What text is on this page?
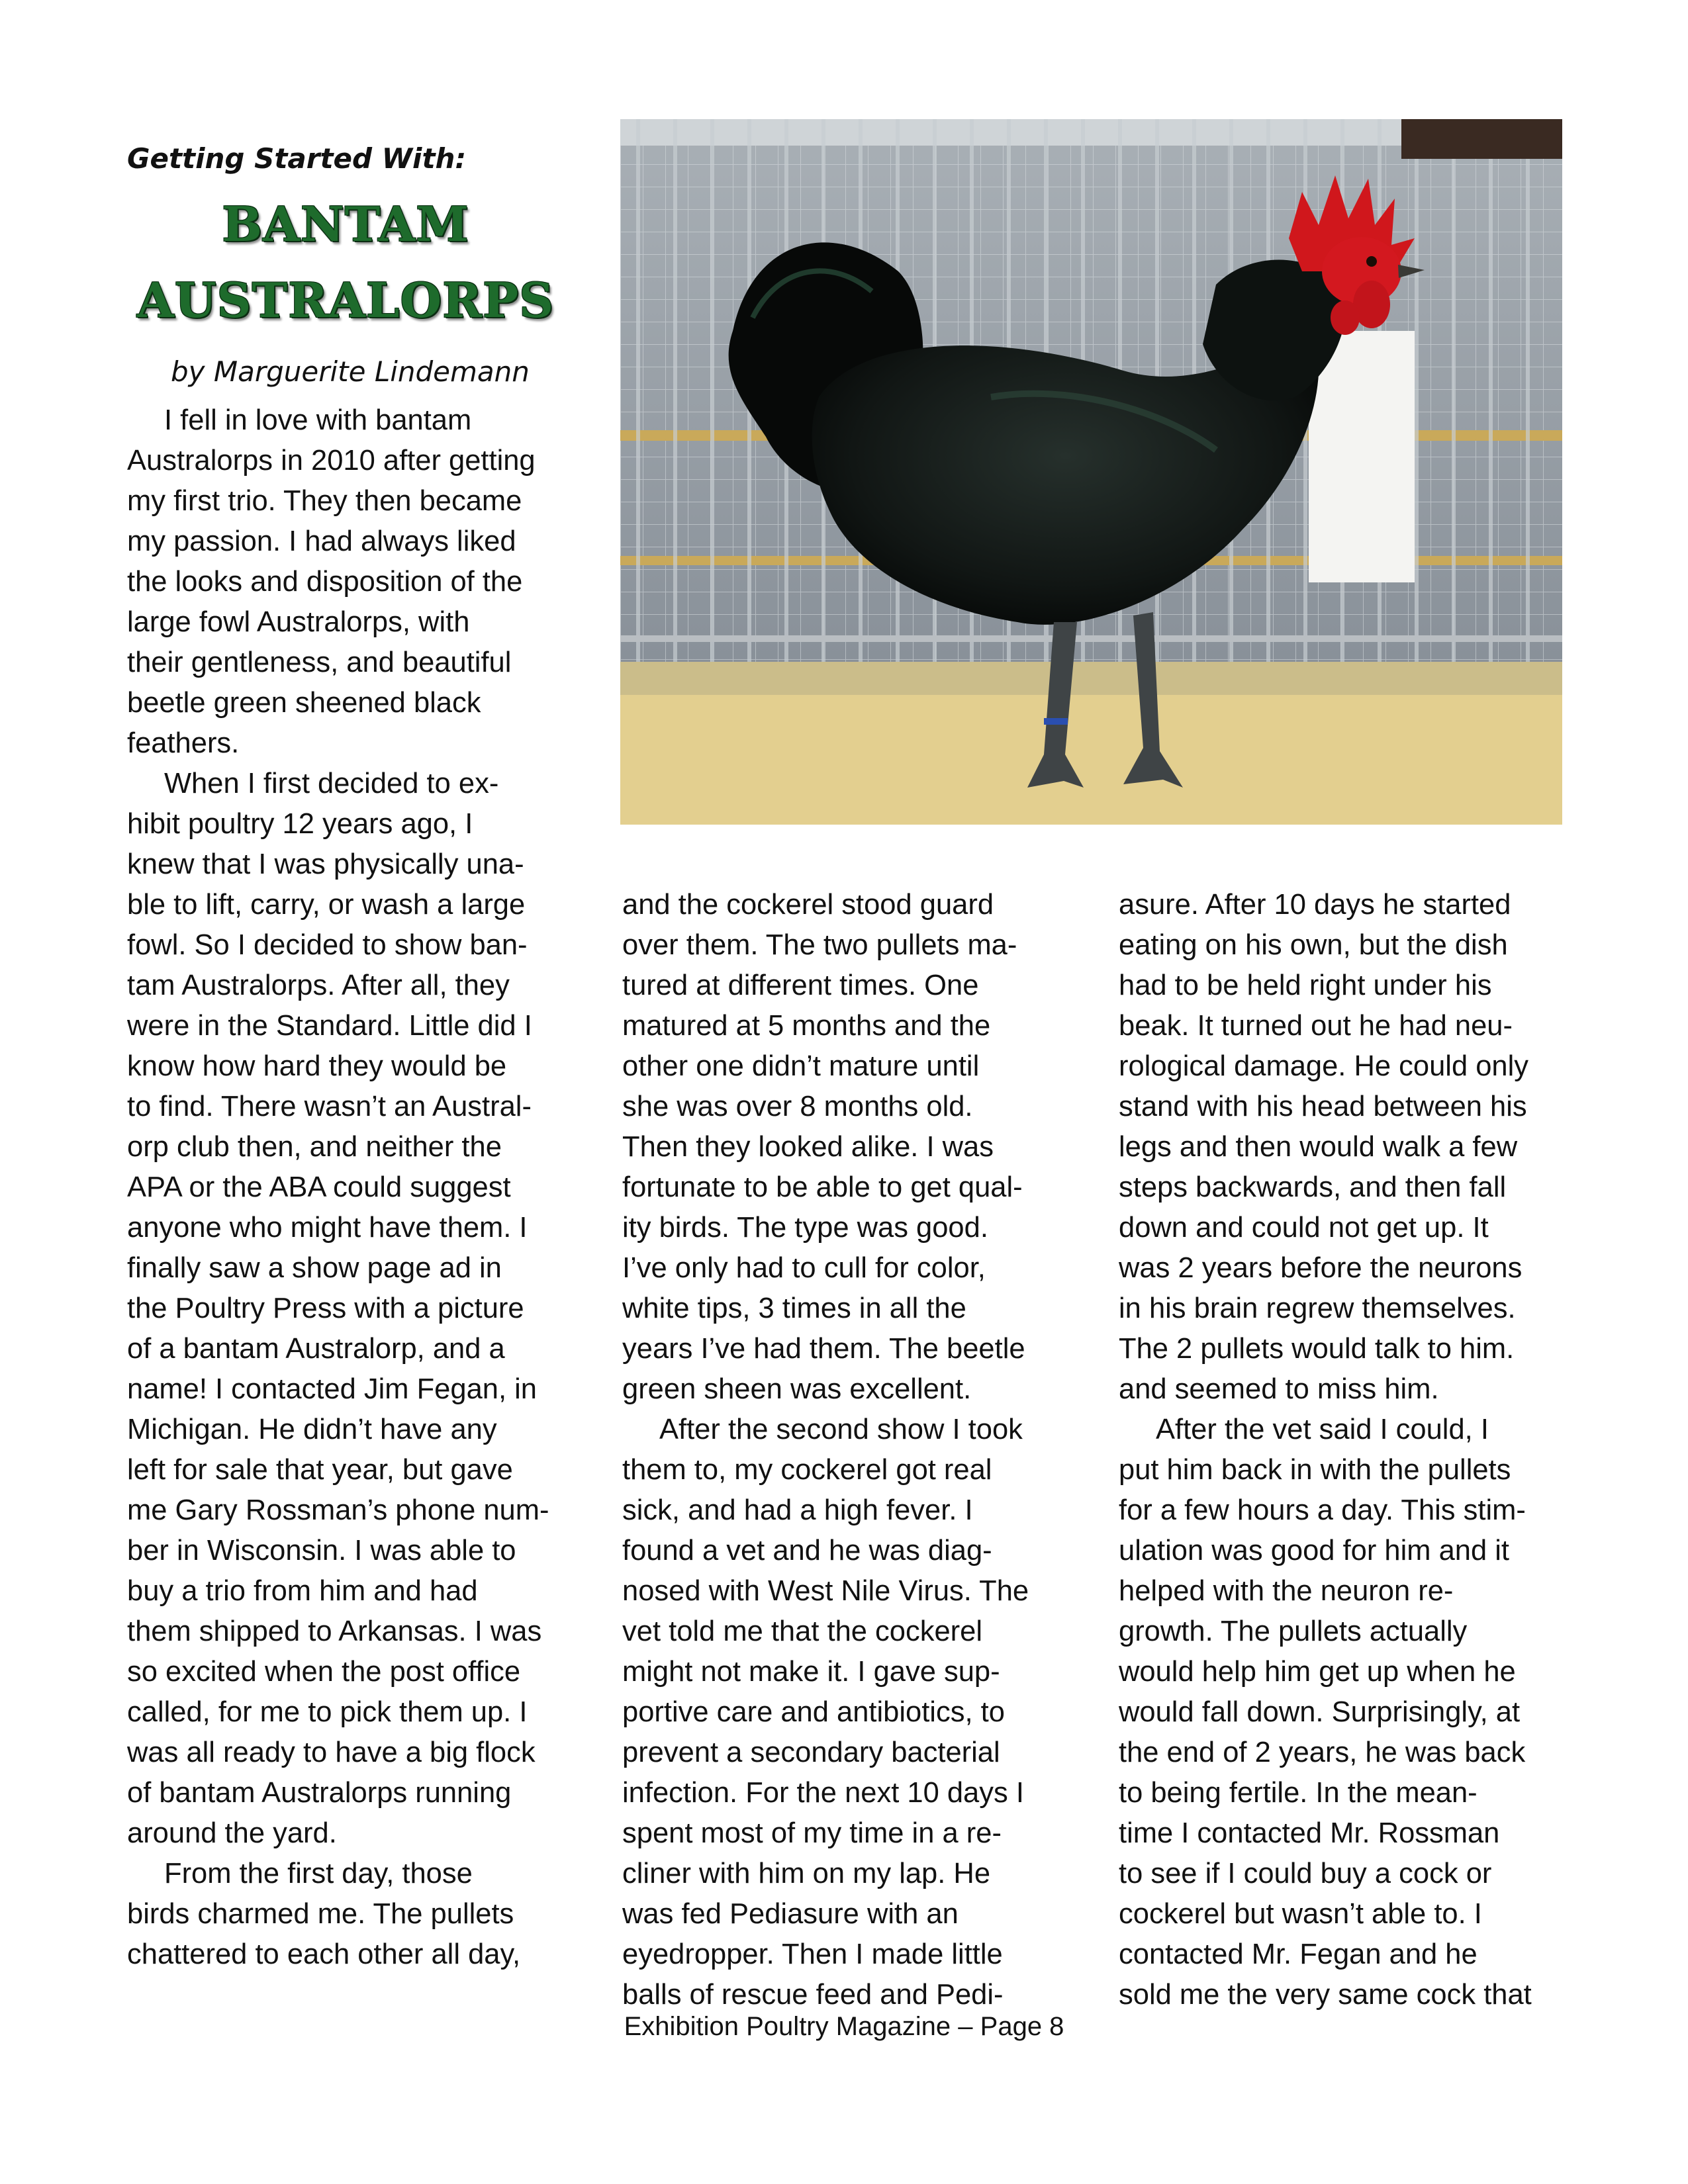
Getting Started With:
BANTAM
AUSTRALORPS
by Marguerite Lindemann
I fell in love with bantam
Australorps in 2010 after getting
my first trio. They then became
my passion. I had always liked
the looks and disposition of the
large fowl Australorps, with
their gentleness, and beautiful
beetle green sheened black
feathers.
When I first decided to ex-
hibit poultry 12 years ago, I
knew that I was physically una-
ble to lift, carry, or wash a large
fowl. So I decided to show ban-
tam Australorps. After all, they
were in the Standard. Little did I
know how hard they would be
to find. There wasn’t an Austral-
orp club then, and neither the
APA or the ABA could suggest
anyone who might have them. I
finally saw a show page ad in
the Poultry Press with a picture
of a bantam Australorp, and a
name! I contacted Jim Fegan, in
Michigan. He didn’t have any
left for sale that year, but gave
me Gary Rossman’s phone num-
ber in Wisconsin. I was able to
buy a trio from him and had
them shipped to Arkansas. I was
so excited when the post office
called, for me to pick them up. I
was all ready to have a big flock
of bantam Australorps running
around the yard.
From the first day, those
birds charmed me. The pullets
chattered to each other all day,
and the cockerel stood guard
over them. The two pullets ma-
tured at different times. One
matured at 5 months and the
other one didn’t mature until
she was over 8 months old.
Then they looked alike. I was
fortunate to be able to get qual-
ity birds. The type was good.
I’ve only had to cull for color,
white tips, 3 times in all the
years I’ve had them. The beetle
green sheen was excellent.
After the second show I took
them to, my cockerel got real
sick, and had a high fever. I
found a vet and he was diag-
nosed with West Nile Virus. The
vet told me that the cockerel
might not make it. I gave sup-
portive care and antibiotics, to
prevent a secondary bacterial
infection. For the next 10 days I
spent most of my time in a re-
cliner with him on my lap. He
was fed Pediasure with an
eyedropper. Then I made little
balls of rescue feed and Pedi-
asure. After 10 days he started
eating on his own, but the dish
had to be held right under his
beak. It turned out he had neu-
rological damage. He could only
stand with his head between his
legs and then would walk a few
steps backwards, and then fall
down and could not get up. It
was 2 years before the neurons
in his brain regrew themselves.
The 2 pullets would talk to him.
and seemed to miss him.
After the vet said I could, I
put him back in with the pullets
for a few hours a day. This stim-
ulation was good for him and it
helped with the neuron re-
growth. The pullets actually
would help him get up when he
would fall down. Surprisingly, at
the end of 2 years, he was back
to being fertile. In the mean-
time I contacted Mr. Rossman
to see if I could buy a cock or
cockerel but wasn’t able to. I
contacted Mr. Fegan and he
sold me the very same cock that
Exhibition Poultry Magazine – Page 8
